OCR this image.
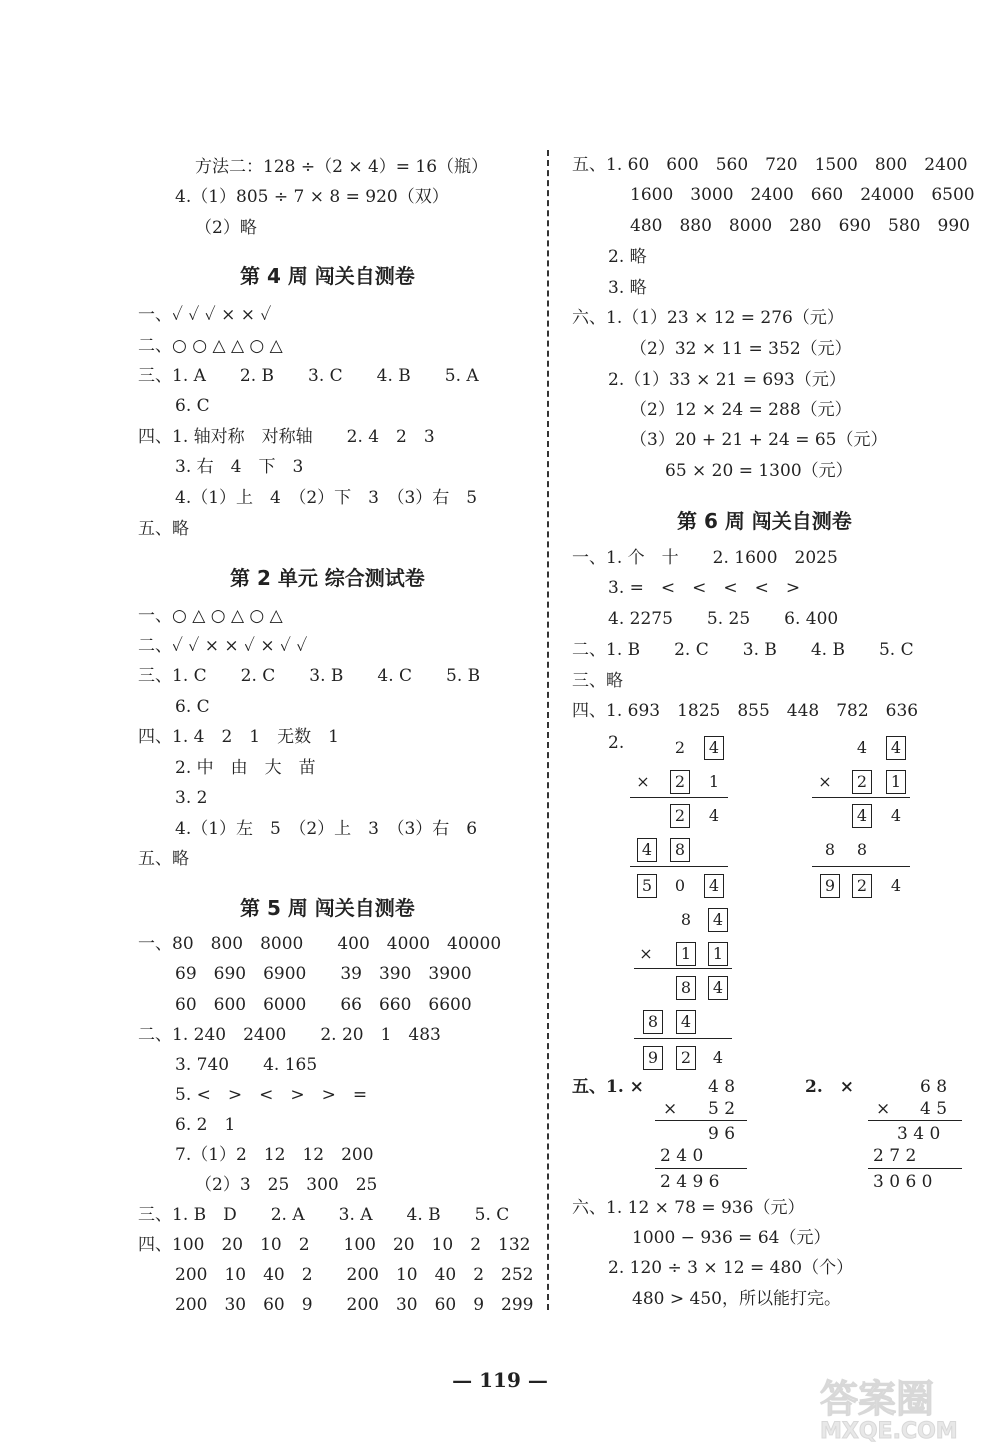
方法二：128 ÷（2 × 4）= 16（瓶）
4.（1）805 ÷ 7 × 8 = 920（双）
（2）略
第 4 周 闯关自测卷
一、✓ ✓ ✓ × × ✓
二、○ ○ △ △ ○ △
三、1. A　　2. B　　3. C　　4. B　　5. A
6. C
四、1. 轴对称　对称轴　　2. 4　2　3
3. 右　4　下　3
4.（1）上　4　（2）下　3　（3）右　5
五、略
第 2 单元 综合测试卷
一、○ △ ○ △ ○ △
二、✓ ✓ × × ✓ × ✓ ✓
三、1. C　　2. C　　3. B　　4. C　　5. B
6. C
四、1. 4　2　1　无数　1
2. 中　由　大　苗
3. 2
4.（1）左　5　（2）上　3　（3）右　6
五、略
第 5 周 闯关自测卷
一、80　800　8000　　400　4000　40000
69　690　6900　　39　390　3900
60　600　6000　　66　660　6600
二、1. 240　2400　　2. 20　1　483
3. 740　　4. 165
5. <　>　<　>　>　=
6. 2　1
7.（1）2　12　12　200
（2）3　25　300　25
三、1. B　D　　2. A　　3. A　　4. B　　5. C
四、100　20　10　2　　100　20　10　2　132
200　10　40　2　　200　10　40　2　252
200　30　60　9　　200　30　60　9　299
五、1. 60　600　560　720　1500　800　2400
1600　3000　2400　660　24000　6500
480　880　8000　280　690　580　990
2. 略
3. 略
六、1.（1）23 × 12 = 276（元）
（2）32 × 11 = 352（元）
2.（1）33 × 21 = 693（元）
（2）12 × 24 = 288（元）
（3）20 + 21 + 24 = 65（元）
65 × 20 = 1300（元）
第 6 周 闯关自测卷
一、1. 个　十　　2. 1600　2025
3. =　<　<　<　<　>
4. 2275　　5. 25　　6. 400
二、1. B　　2. C　　3. B　　4. B　　5. C
三、略
四、1. 693　1825　855　448　782　636
2.	2	4
×	2	1
2	4
4	8
5	0	4
4	4
×	2	1
4	4
8	8
9	2	4
8	4
×	1	1
8	4
8	4
9	2	4
五、1. ×	4 8
× 5 2
9 6
2 4 0
2 4 9 6
2.　×	6 8
× 4 5
3 4 0
2 7 2
3 0 6 0
六、1. 12 × 78 = 936（元）
1000 − 936 = 64（元）
2. 120 ÷ 3 × 12 = 480（个）
480 > 450，所以能打完。
— 119 —	答案圈
MXQE.COM
